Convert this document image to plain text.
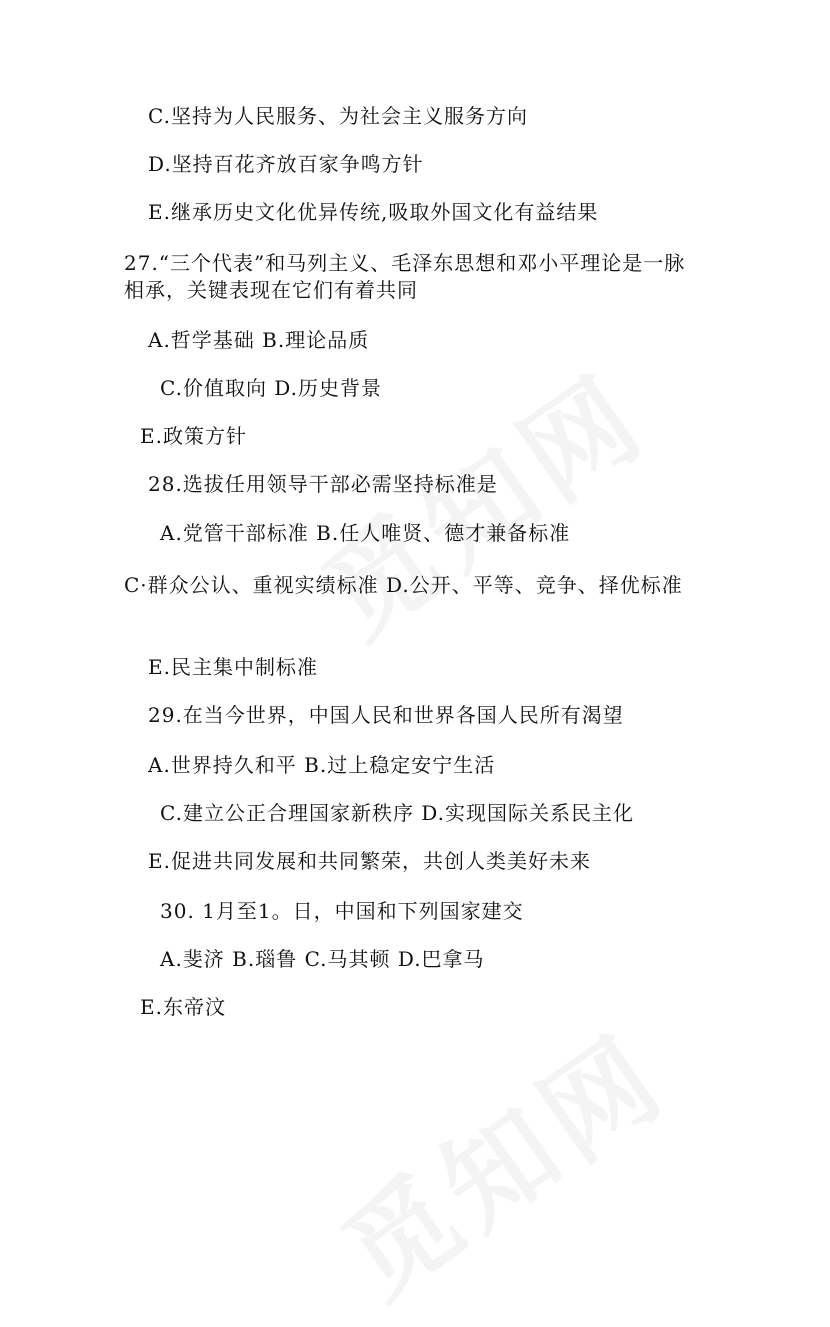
C.坚持为人民服务、为社会主义服务方向

D.坚持百花齐放百家争鸣方针

E.继承历史文化优异传统,吸取外国文化有益结果

27.“三个代表”和马列主义、毛泽东思想和邓小平理论是一脉相承，关键表现在它们有着共同

A.哲学基础 B.理论品质

C.价值取向 D.历史背景

E.政策方针

28.选拔任用领导干部必需坚持标准是

A.党管干部标准 B.任人唯贤、德才兼备标准

C·群众公认、重视实绩标准 D.公开、平等、竞争、择优标准

E.民主集中制标准

29.在当今世界，中国人民和世界各国人民所有渴望

A.世界持久和平 B.过上稳定安宁生活

C.建立公正合理国家新秩序 D.实现国际关系民主化

E.促进共同发展和共同繁荣，共创人类美好未来

30. 1月至1。日，中国和下列国家建交

A.斐济 B.瑙鲁 C.马其顿 D.巴拿马

E.东帝汶
